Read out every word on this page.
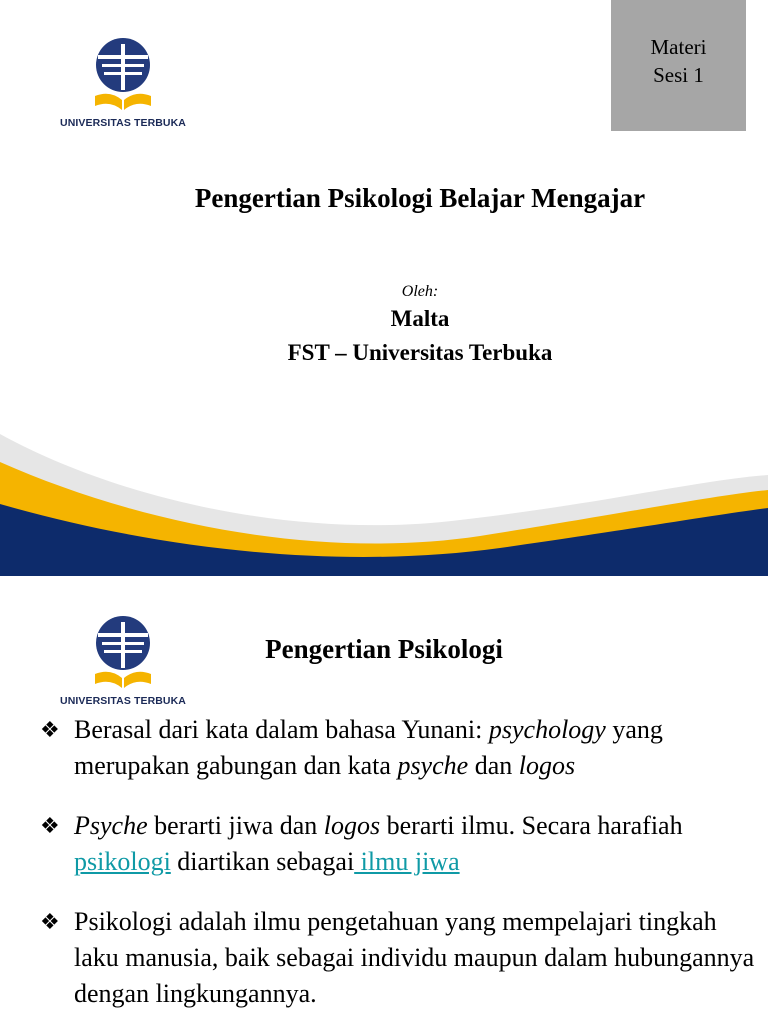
UNIVERSITAS TERBUKA
Materi
Sesi 1
Pengertian Psikologi Belajar Mengajar
Oleh:
Malta
FST – Universitas Terbuka
UNIVERSITAS TERBUKA
Pengertian Psikologi
❖ Berasal dari kata dalam bahasa Yunani: psychology yang merupakan gabungan dan kata psyche dan logos
❖ Psyche berarti jiwa dan logos berarti ilmu. Secara harafiah psikologi diartikan sebagai ilmu jiwa
❖ Psikologi adalah ilmu pengetahuan yang mempelajari tingkah laku manusia, baik sebagai individu maupun dalam hubungannya dengan lingkungannya.
